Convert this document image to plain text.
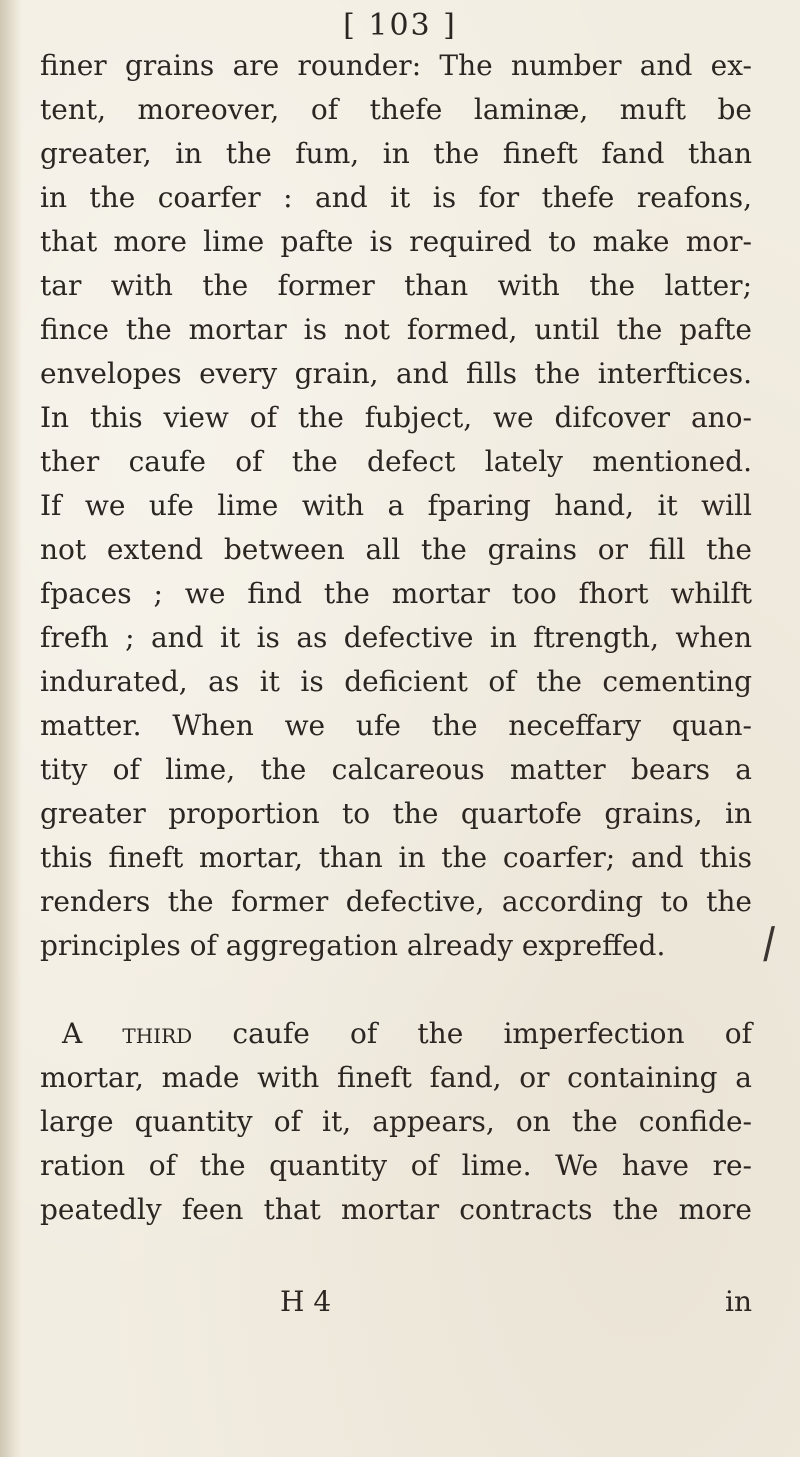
[ 103 ]
finer grains are rounder: The number and ex-
tent, moreover, of thefe laminæ, muft be
greater, in the fum, in the fineft fand than
in the coarfer : and it is for thefe reafons,
that more lime pafte is required to make mor-
tar with the former than with the latter;
fince the mortar is not formed, until the pafte
envelopes every grain, and fills the interftices.
In this view of the fubject, we difcover ano-
ther caufe of the defect lately mentioned.
If we ufe lime with a fparing hand, it will
not extend between all the grains or fill the
fpaces ; we find the mortar too fhort whilft
frefh ; and it is as defective in ftrength, when
indurated, as it is deficient of the cementing
matter. When we ufe the neceffary quan-
tity of lime, the calcareous matter bears a
greater proportion to the quartofe grains, in
this fineft mortar, than in the coarfer; and this
renders the former defective, according to the
principles of aggregation already expreffed.
A third caufe of the imperfection of
mortar, made with fineft fand, or containing a
large quantity of it, appears, on the confide-
ration of the quantity of lime. We have re-
peatedly feen that mortar contracts the more
H 4	in
/
